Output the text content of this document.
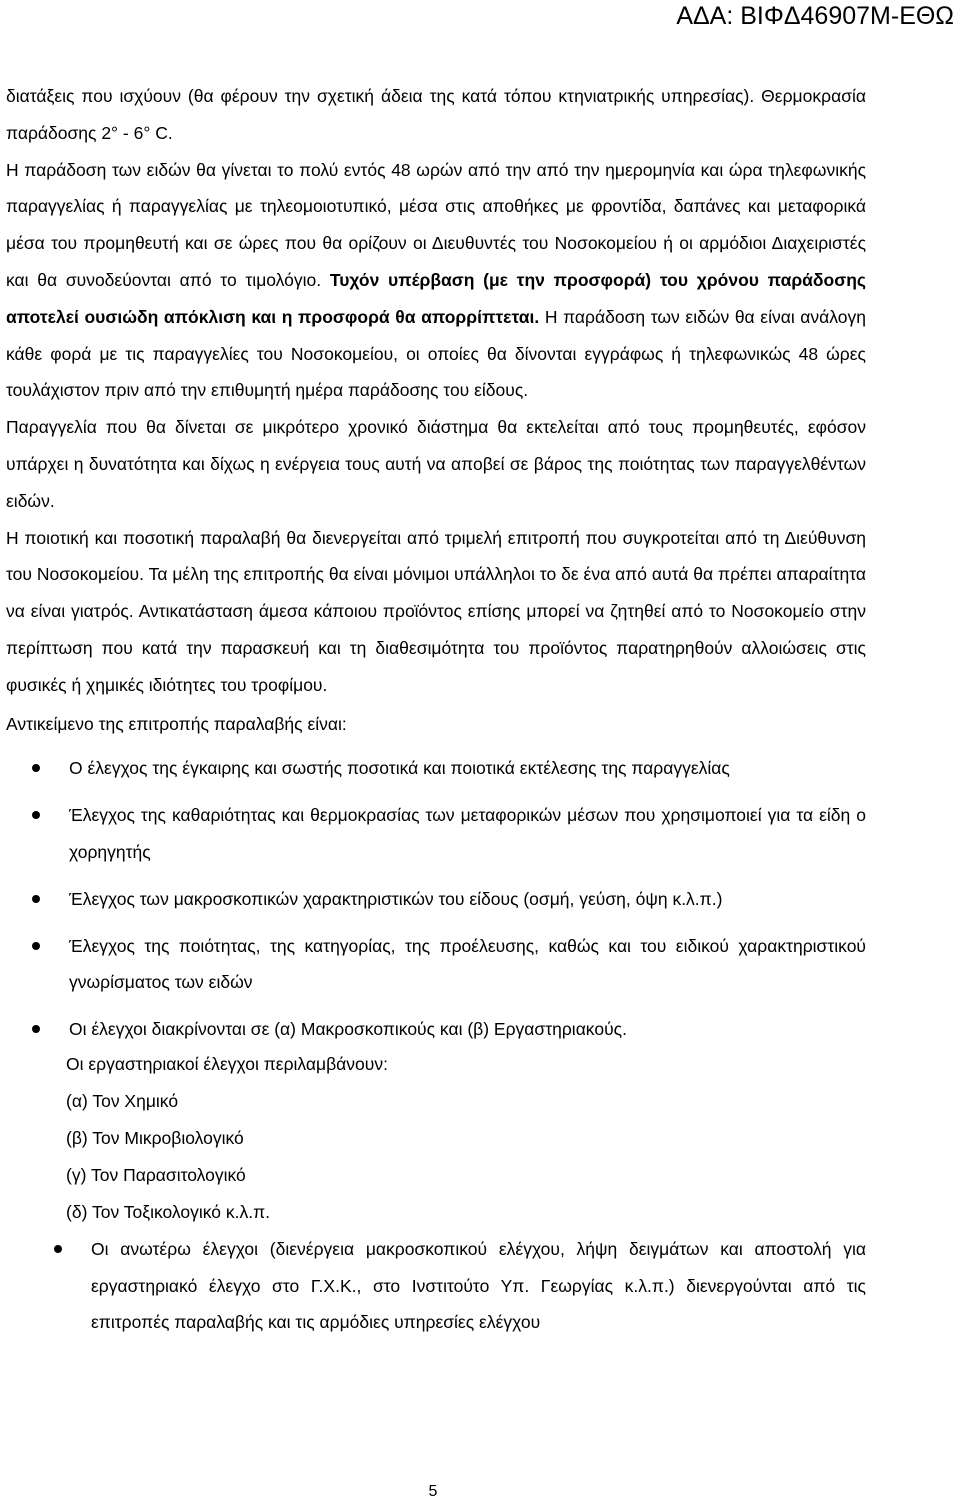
ΑΔΑ: ΒΙΦΔ46907Μ-ΕΘΩ

διατάξεις που ισχύουν (θα φέρουν την σχετική άδεια της κατά τόπου κτηνιατρικής υπηρεσίας). Θερμοκρασία παράδοσης 2° - 6° C.

Η παράδοση των ειδών θα γίνεται το πολύ εντός 48 ωρών από την από την ημερομηνία και ώρα τηλεφωνικής παραγγελίας ή παραγγελίας με τηλεομοιοτυπικό, μέσα στις αποθήκες με φροντίδα, δαπάνες και μεταφορικά μέσα του προμηθευτή και σε ώρες που θα ορίζουν οι Διευθυντές του Νοσοκομείου ή οι αρμόδιοι Διαχειριστές και θα συνοδεύονται από το τιμολόγιο. Τυχόν υπέρβαση (με την προσφορά) του χρόνου παράδοσης αποτελεί ουσιώδη απόκλιση και η προσφορά θα απορρίπτεται. Η παράδοση των ειδών θα είναι ανάλογη κάθε φορά με τις παραγγελίες του Νοσοκομείου, οι οποίες θα δίνονται εγγράφως ή τηλεφωνικώς 48 ώρες τουλάχιστον πριν από την επιθυμητή ημέρα παράδοσης του είδους.

Παραγγελία που θα δίνεται σε μικρότερο χρονικό διάστημα θα εκτελείται από τους προμηθευτές, εφόσον υπάρχει η δυνατότητα και δίχως η ενέργεια τους αυτή να αποβεί σε βάρος της ποιότητας των παραγγελθέντων ειδών.

Η ποιοτική και ποσοτική παραλαβή θα διενεργείται από τριμελή επιτροπή που συγκροτείται από τη Διεύθυνση του Νοσοκομείου. Τα μέλη της επιτροπής θα είναι μόνιμοι υπάλληλοι το δε ένα από αυτά θα πρέπει απαραίτητα να είναι γιατρός. Αντικατάσταση άμεσα κάποιου προϊόντος επίσης μπορεί να ζητηθεί από το Νοσοκομείο στην περίπτωση που κατά την παρασκευή και τη διαθεσιμότητα του προϊόντος παρατηρηθούν αλλοιώσεις στις φυσικές ή χημικές ιδιότητες του τροφίμου.

Αντικείμενο της επιτροπής παραλαβής είναι:

Ο έλεγχος της έγκαιρης και σωστής ποσοτικά και ποιοτικά εκτέλεσης της παραγγελίας
Έλεγχος της καθαριότητας και θερμοκρασίας των μεταφορικών μέσων που χρησιμοποιεί για τα είδη ο χορηγητής
Έλεγχος των μακροσκοπικών χαρακτηριστικών του είδους (οσμή, γεύση, όψη κ.λ.π.)
Έλεγχος της ποιότητας, της κατηγορίας, της προέλευσης, καθώς και του ειδικού χαρακτηριστικού γνωρίσματος των ειδών
Οι έλεγχοι διακρίνονται σε (α) Μακροσκοπικούς και (β) Εργαστηριακούς.

Οι εργαστηριακοί έλεγχοι περιλαμβάνουν:

(α) Τον Χημικό
(β) Τον Μικροβιολογικό
(γ) Τον Παρασιτολογικό
(δ) Τον Τοξικολογικό κ.λ.π.
Οι ανωτέρω έλεγχοι (διενέργεια μακροσκοπικού ελέγχου, λήψη δειγμάτων και αποστολή για εργαστηριακό έλεγχο στο Γ.Χ.Κ., στο Ινστιτούτο Υπ. Γεωργίας κ.λ.π.) διενεργούνται από τις επιτροπές παραλαβής και τις αρμόδιες υπηρεσίες ελέγχου
5
